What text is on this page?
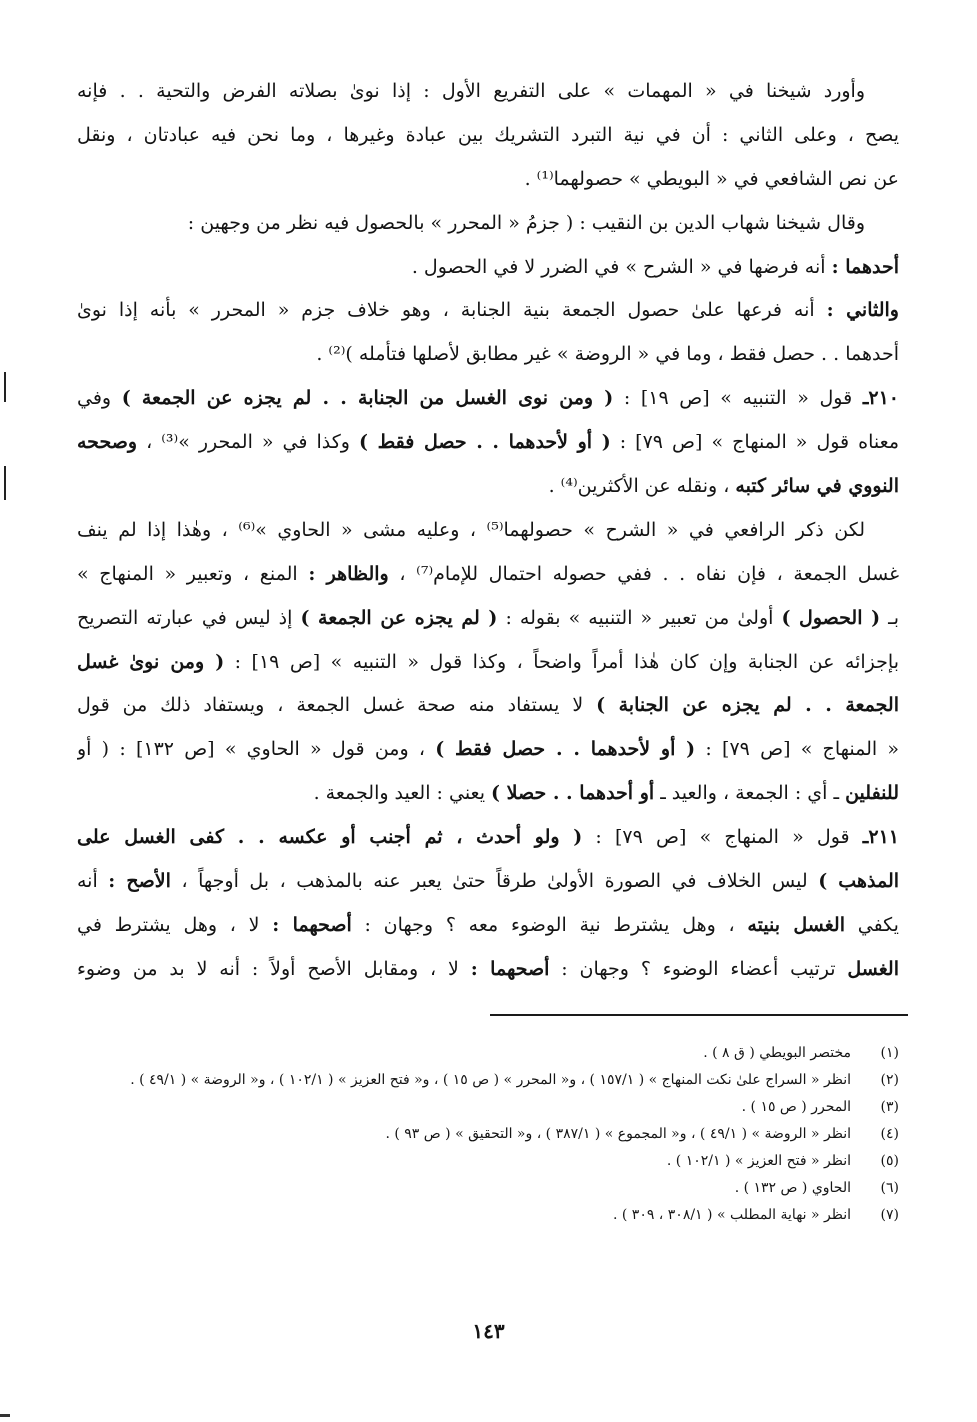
وأورد شيخنا في « المهمات » على التفريع الأول : إذا نوىٰ بصلاته الفرض والتحية . . فإنه
يصح ، وعلى الثاني : أن في نية التبرد التشريك بين عبادة وغيرها ، وما نحن فيه عبادتان ، ونقل
عن نص الشافعي في « البويطي » حصولهما⁽¹⁾ .
وقال شيخنا شهاب الدين بن النقيب : ( جزمُ « المحرر » بالحصول فيه نظر من وجهين :
أحدهما : أنه فرضها في « الشرح » في الضرر لا في الحصول .
والثاني : أنه فرعها علىٰ حصول الجمعة بنية الجنابة ، وهو خلاف جزم « المحرر » بأنه إذا نوىٰ
أحدهما . . حصل فقط ، وما في « الروضة » غير مطابق لأصلها فتأمله )⁽²⁾ .
٢١٠ـ قول « التنبيه » [ص ١٩] : ( ومن نوى الغسل من الجنابة . . لم يجزه عن الجمعة ) وفي
معناه قول « المنهاج » [ص ٧٩] : ( أو لأحدهما . . حصل فقط ) وكذا في « المحرر »⁽³⁾ ، وصححه
النووي في سائر كتبه ، ونقله عن الأكثرين⁽⁴⁾ .
لكن ذكر الرافعي في « الشرح » حصولهما⁽⁵⁾ ، وعليه مشى « الحاوي »⁽⁶⁾ ، وهٰذا إذا لم ينف
غسل الجمعة ، فإن نفاه . . ففي حصوله احتمال للإمام⁽⁷⁾ ، والظاهر : المنع ، وتعبير « المنهاج »
بـ ( الحصول ) أولىٰ من تعبير « التنبيه » بقوله : ( لم يجزه عن الجمعة ) إذ ليس في عبارته التصريح
بإجزائه عن الجنابة وإن كان هٰذا أمراً واضحاً ، وكذا قول « التنبيه » [ص ١٩] : ( ومن نوىٰ غسل
الجمعة . . لم يجزه عن الجنابة ) لا يستفاد منه صحة غسل الجمعة ، ويستفاد ذلك من قول
« المنهاج » [ص ٧٩] : ( أو لأحدهما . . حصل فقط ) ، ومن قول « الحاوي » [ص ١٣٢] : ( أو
للنفلين ـ أي : الجمعة ، والعيد ـ أو أحدهما . . حصلا ) يعني : العيد والجمعة .
٢١١ـ قول « المنهاج » [ص ٧٩] : ( ولو أحدث ، ثم أجنب أو عكسه . . كفى الغسل على
المذهب ) ليس الخلاف في الصورة الأولىٰ طرقاً حتىٰ يعبر عنه بالمذهب ، بل أوجهاً ، الأصح : أنه
يكفي الغسل بنيته ، وهل يشترط نية الوضوء معه ؟ وجهان : أصحهما : لا ، وهل يشترط في
الغسل ترتيب أعضاء الوضوء ؟ وجهان : أصحهما : لا ، ومقابل الأصح أولاً : أنه لا بد من وضوء
(١)
مختصر البويطي ( ق ٨ ) .
(٢)
انظر « السراج علىٰ نكت المنهاج » ( ١٥٧/١ ) ، و« المحرر » ( ص ١٥ ) ، و« فتح العزيز » ( ١٠٢/١ ) ، و« الروضة » ( ٤٩/١ ) .
(٣)
المحرر ( ص ١٥ ) .
(٤)
انظر « الروضة » ( ٤٩/١ ) ، و« المجموع » ( ٣٨٧/١ ) ، و« التحقيق » ( ص ٩٣ ) .
(٥)
انظر « فتح العزيز » ( ١٠٢/١ ) .
(٦)
الحاوي ( ص ١٣٢ ) .
(٧)
انظر « نهاية المطلب » ( ٣٠٨/١ ، ٣٠٩ ) .
١٤٣
